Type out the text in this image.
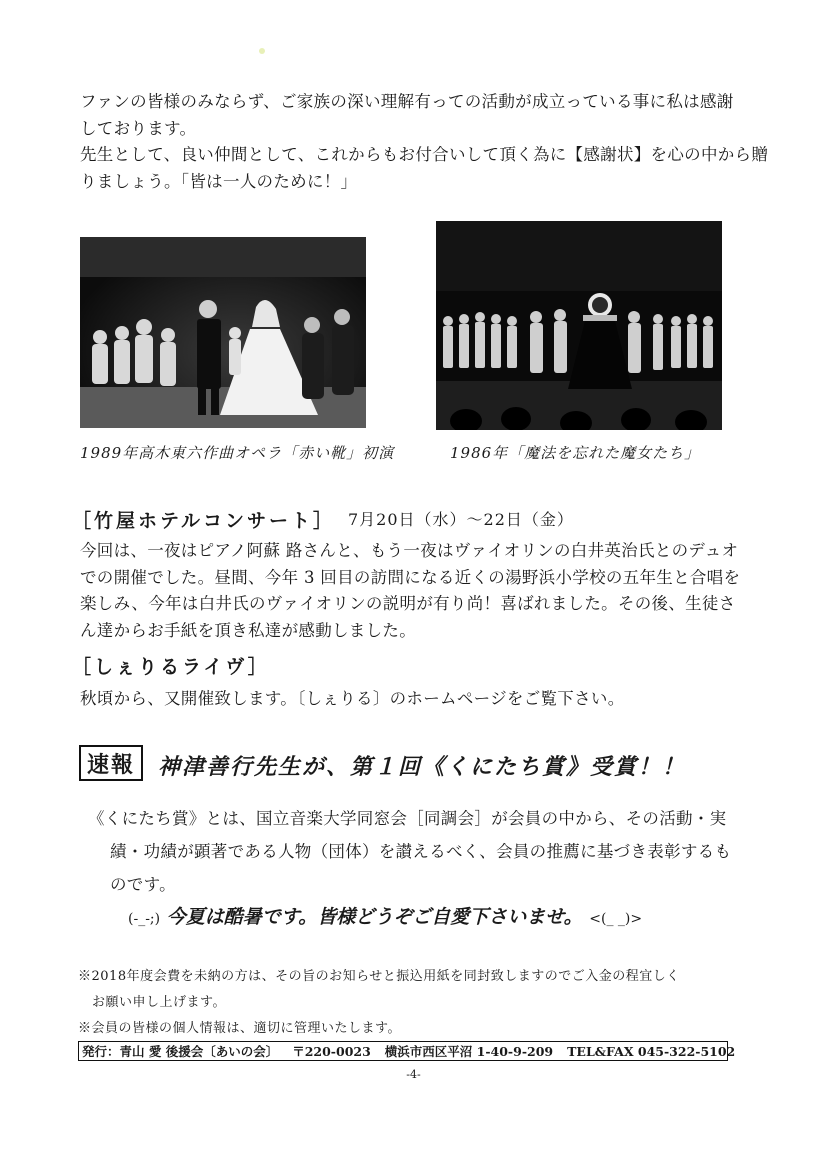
ファンの皆様のみならず、ご家族の深い理解有っての活動が成立っている事に私は感謝
しております。
先生として、良い仲間として、これからもお付合いして頂く為に【感謝状】を心の中から贈
りましょう。「皆は一人のために！」

1989年高木東六作曲オペラ「赤い靴」初演	1986年「魔法を忘れた魔女たち」
［竹屋ホテルコンサート］ 7月20日（水）〜22日（金）

今回は、一夜はピアノ阿蘇 路さんと、もう一夜はヴァイオリンの白井英治氏とのデュオ
での開催でした。昼間、今年 3 回目の訪問になる近くの湯野浜小学校の五年生と合唱を
楽しみ、今年は白井氏のヴァイオリンの説明が有り尚！喜ばれました。その後、生徒さ
ん達からお手紙を頂き私達が感動しました。

［しぇりるライヴ］

秋頃から、又開催致します。〔しぇりる〕のホームページをご覧下さい。

速報	神津善行先生が、第１回《くにたち賞》受賞！！

《くにたち賞》とは、国立音楽大学同窓会［同調会］が会員の中から、その活動・実
績・功績が顕著である人物（団体）を讃えるべく、会員の推薦に基づき表彰するも
のです。

(-_-;) 今夏は酷暑です。皆様どうぞご自愛下さいませ。 <(_ _)>
※2018年度会費を未納の方は、その旨のお知らせと振込用紙を同封致しますのでご入金の程宜しく
お願い申し上げます。
※会員の皆様の個人情報は、適切に管理いたします。
発行：青山 愛 後援会〔あいの会〕 〒220-0023 横浜市西区平沼 1-40-9-209 TEL&FAX 045-322-5102
-4-
